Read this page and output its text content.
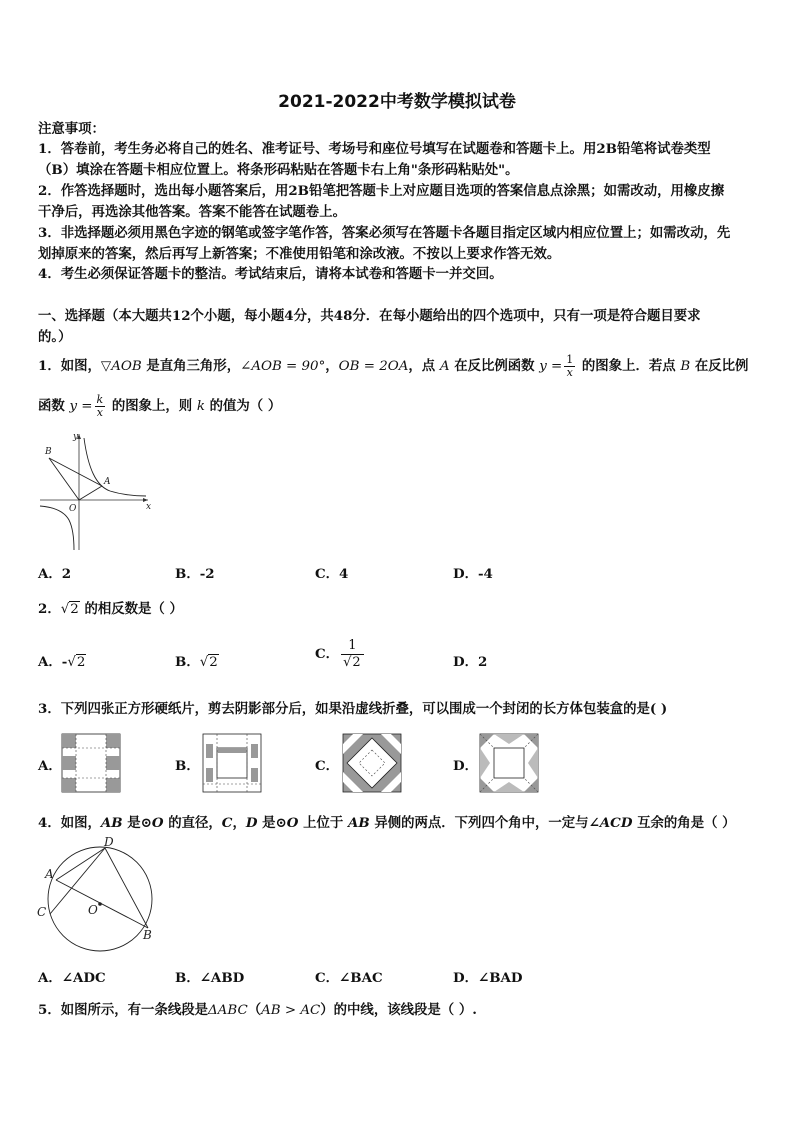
2021-2022中考数学模拟试卷
注意事项：
1．答卷前，考生务必将自己的姓名、准考证号、考场号和座位号填写在试题卷和答题卡上。用2B铅笔将试卷类型
（B）填涂在答题卡相应位置上。将条形码粘贴在答题卡右上角"条形码粘贴处"。
2．作答选择题时，选出每小题答案后，用2B铅笔把答题卡上对应题目选项的答案信息点涂黑；如需改动，用橡皮擦
干净后，再选涂其他答案。答案不能答在试题卷上。
3．非选择题必须用黑色字迹的钢笔或签字笔作答，答案必须写在答题卡各题目指定区域内相应位置上；如需改动，先
划掉原来的答案，然后再写上新答案；不准使用铅笔和涂改液。不按以上要求作答无效。
4．考生必须保证答题卡的整洁。考试结束后，请将本试卷和答题卡一并交回。
一、选择题（本大题共12个小题，每小题4分，共48分．在每小题给出的四个选项中，只有一项是符合题目要求
的。）
1．如图，▽AOB 是直角三角形，∠AOB = 90°，OB = 2OA，点 A 在反比例函数 $y = \frac{1}{x}$ 的图象上．若点 B 在反比例
函数 $y = \frac{k}{x}$ 的图象上，则 k 的值为（ ）
B
A
O	x
y
A．2	B．-2	C．4	D．-4
2．√2 的相反数是（ ）
A．-√2	B．√2
C． $\frac{1}{√2}$	D．2
3．下列四张正方形硬纸片，剪去阴影部分后，如果沿虚线折叠，可以围成一个封闭的长方体包装盒的是( )
A．	B．	C．	D．
4．如图，AB 是⊙O 的直径，C，D 是⊙O 上位于 AB 异侧的两点．下列四个角中，一定与∠ACD 互余的角是（ ）
A
B
C
D
O
A．∠ADC	B．∠ABD	C．∠BAC	D．∠BAD
5．如图所示，有一条线段是ΔABC（AB > AC）的中线，该线段是（ ）.
